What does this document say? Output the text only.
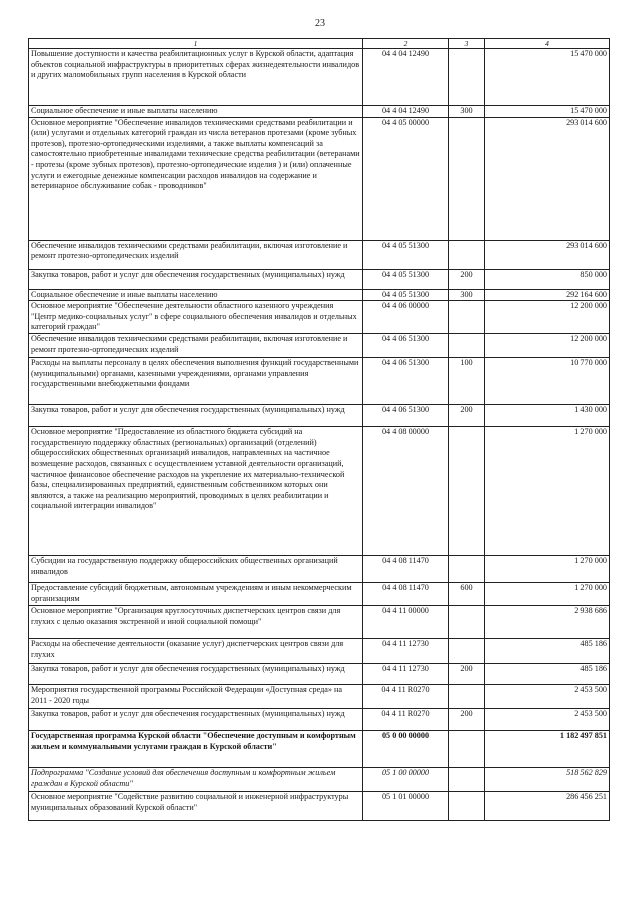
23
1	2	3	4
Повышение доступности и качества реабилитационных услуг в Курской области, адаптация объектов социальной инфраструктуры в приоритетных сферах жизнедеятельности инвалидов и других маломобильных групп населения в Курской области	04 4 04 12490		15 470 000
Социальное обеспечение и иные выплаты населению	04 4 04 12490	300	15 470 000
Основное мероприятие "Обеспечение инвалидов техническими средствами реабилитации и (или) услугами и отдельных категорий граждан из числа ветеранов протезами (кроме зубных протезов), протезно-ортопедическими изделиями, а также выплаты компенсаций за самостоятельно приобретенные инвалидами технические средства реабилитации (ветеранами - протезы (кроме зубных протезов), протезно-ортопедические изделия ) и (или) оплаченные услуги и ежегодные денежные компенсации расходов инвалидов на содержание и ветеринарное обслуживание собак - проводников"	04 4 05 00000		293 014 600
Обеспечение инвалидов техническими средствами реабилитации, включая изготовление и ремонт протезно-ортопедических изделий	04 4 05 51300		293 014 600
Закупка товаров, работ и услуг для обеспечения государственных (муниципальных) нужд	04 4 05 51300	200	850 000
Социальное обеспечение и иные выплаты населению	04 4 05 51300	300	292 164 600
Основное мероприятие "Обеспечение деятельности областного казенного учреждения "Центр медико-социальных услуг" в сфере социального обеспечения инвалидов и отдельных категорий граждан"	04 4 06 00000		12 200 000
Обеспечение инвалидов техническими средствами реабилитации, включая изготовление и ремонт протезно-ортопедических изделий	04 4 06 51300		12 200 000
Расходы на выплаты персоналу в целях обеспечения выполнения функций государственными (муниципальными) органами, казенными учреждениями, органами управления государственными внебюджетными фондами	04 4 06 51300	100	10 770 000
Закупка товаров, работ и услуг для обеспечения государственных (муниципальных) нужд	04 4 06 51300	200	1 430 000
Основное мероприятие "Предоставление из областного бюджета субсидий на государственную поддержку областных (региональных) организаций (отделений) общероссийских общественных организаций инвалидов, направленных на частичное возмещение расходов, связанных с осуществлением уставной деятельности организаций, частичное финансовое обеспечение расходов на укрепление их материально-технической базы, специализированных предприятий, единственным собственником которых они являются, а также на реализацию мероприятий, проводимых в целях реабилитации и социальной интеграции инвалидов"	04 4 08 00000		1 270 000
Субсидии на государственную поддержку общероссийских общественных организаций инвалидов	04 4 08 11470		1 270 000
Предоставление субсидий бюджетным, автономным учреждениям и иным некоммерческим организациям	04 4 08 11470	600	1 270 000
Основное мероприятие "Организация круглосуточных диспетчерских центров связи для глухих с целью оказания экстренной и иной социальной помощи"	04 4 11 00000		2 938 686
Расходы на обеспечение деятельности (оказание услуг) диспетчерских центров связи для глухих	04 4 11 12730		485 186
Закупка товаров, работ и услуг для обеспечения государственных (муниципальных) нужд	04 4 11 12730	200	485 186
Мероприятия государственной программы Российской Федерации «Доступная среда» на 2011 - 2020 годы	04 4 11 R0270		2 453 500
Закупка товаров, работ и услуг для обеспечения государственных (муниципальных) нужд	04 4 11 R0270	200	2 453 500
Государственная программа Курской области "Обеспечение доступным и комфортным жильем и коммунальными услугами граждан в Курской области"	05 0 00 00000		1 182 497 851
Подпрограмма "Создание условий для обеспечения доступным и комфортным жильем граждан в Курской области"	05 1 00 00000		518 562 829
Основное мероприятие "Содействие развитию социальной и инженерной инфраструктуры муниципальных образований Курской области"	05 1 01 00000		286 456 251
